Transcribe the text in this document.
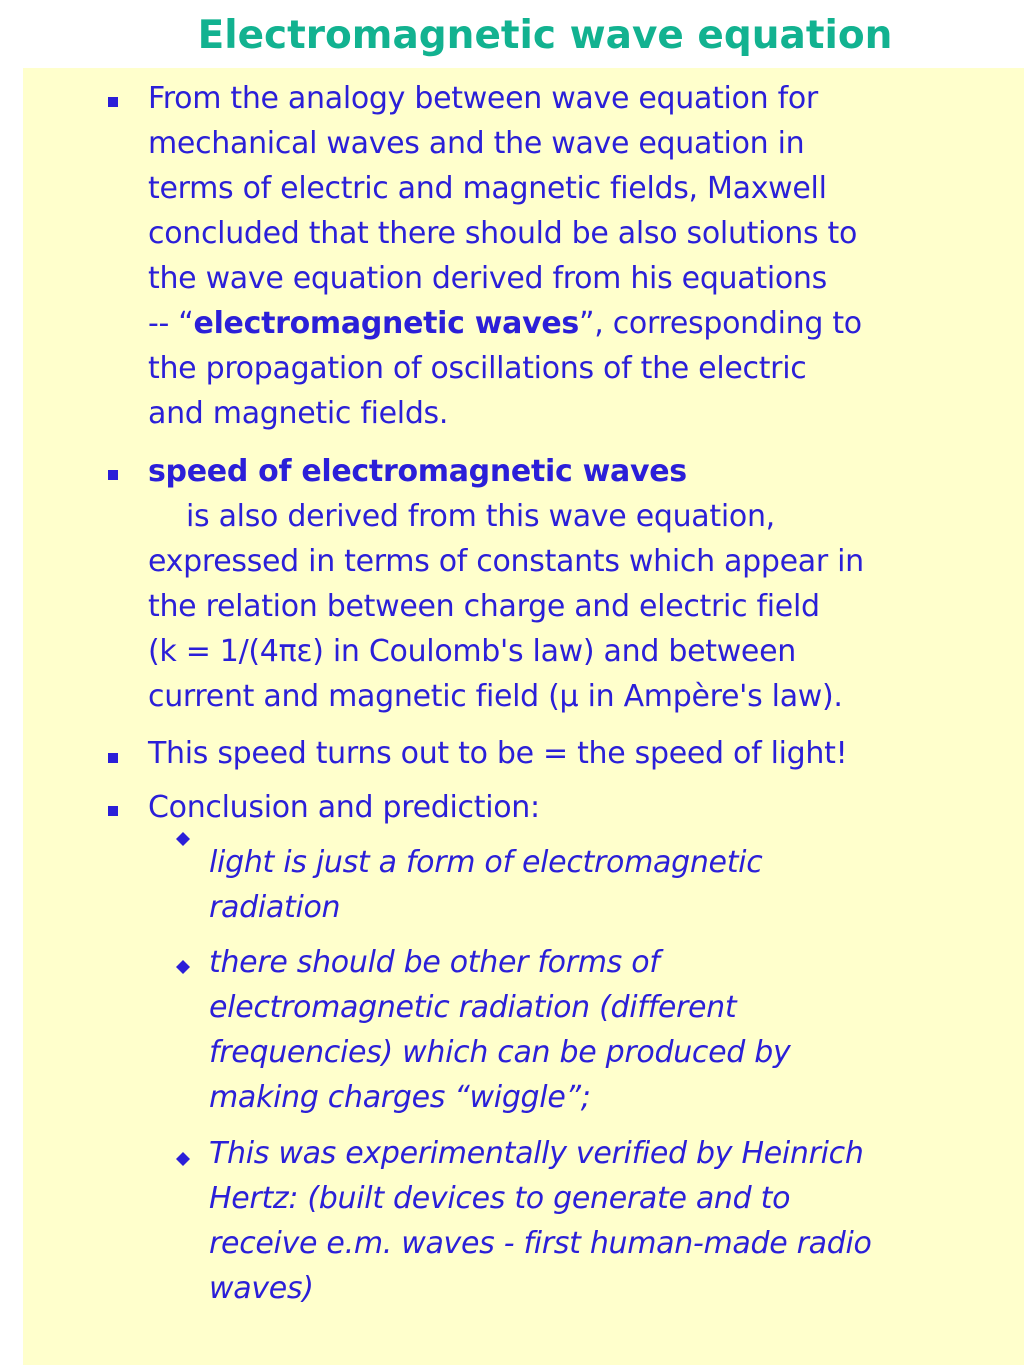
Electromagnetic wave equation
From the analogy between wave equation for
mechanical waves and the wave equation in
terms of electric and magnetic fields, Maxwell
concluded that there should be also solutions to
the wave equation derived from his equations
-- “electromagnetic waves”, corresponding to
the propagation of oscillations of the electric
and magnetic fields.
speed of electromagnetic waves
is also derived from this wave equation,
expressed in terms of constants which appear in
the relation between charge and electric field
(k = 1/(4πε) in Coulomb's law) and between
current and magnetic field (μ in Ampère's law).
This speed turns out to be = the speed of light!
Conclusion and prediction:
light is just a form of electromagnetic
radiation
there should be other forms of
electromagnetic radiation (different
frequencies) which can be produced by
making charges “wiggle”;
This was experimentally verified by Heinrich
Hertz: (built devices to generate and to
receive e.m. waves - first human-made radio
waves)
